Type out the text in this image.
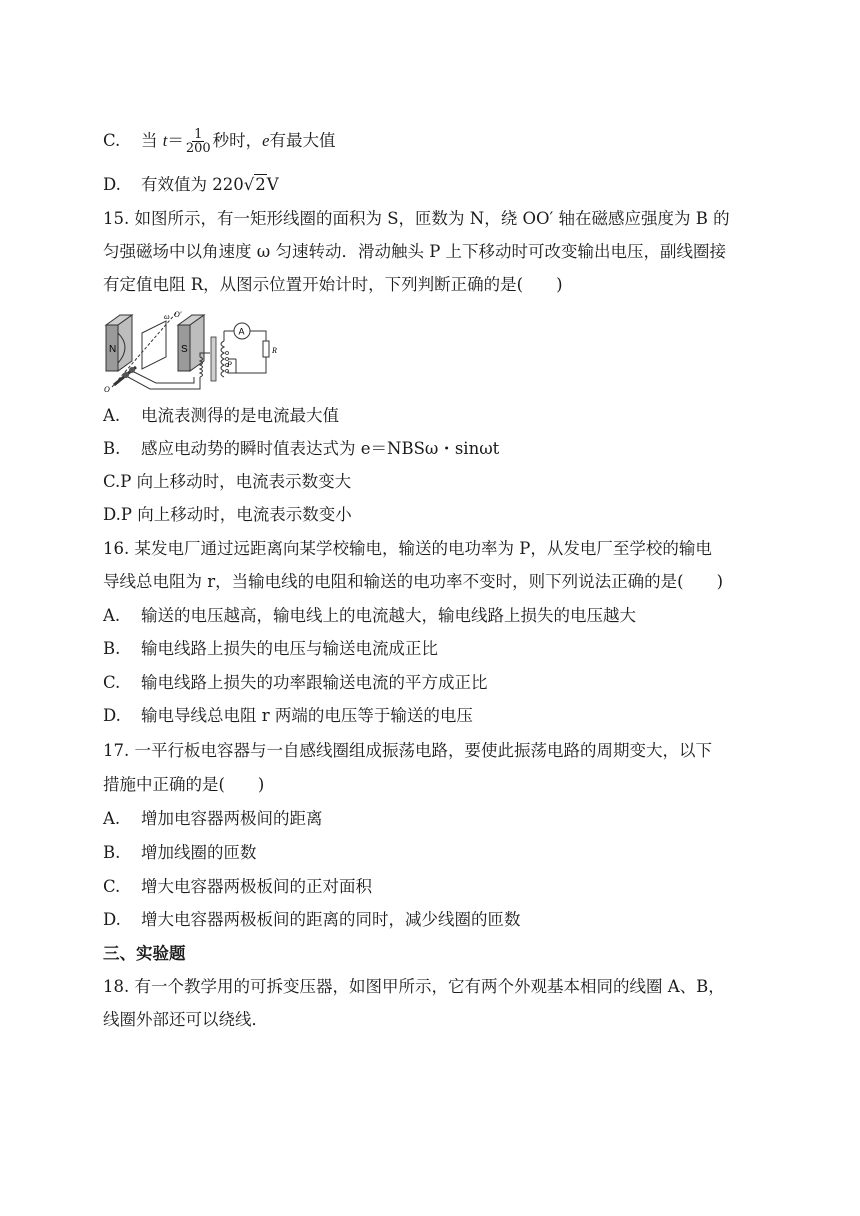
C. 当 $t= \frac{1}{200}$ 秒时，e有最大值
D. 有效值为 220√2V
15. 如图所示，有一矩形线圈的面积为 S，匝数为 N，绕 OO′ 轴在磁感应强度为 B 的
匀强磁场中以角速度 ω 匀速转动．滑动触头 P 上下移动时可改变输出电压，副线圈接
有定值电阻 R，从图示位置开始计时，下列判断正确的是(　　)
N	S
O′
ω
O
P
A
R
A. 电流表测得的是电流最大值
B. 感应电动势的瞬时值表达式为 e＝NBSω・sinωt
C.P 向上移动时，电流表示数变大
D.P 向上移动时，电流表示数变小
16. 某发电厂通过远距离向某学校输电，输送的电功率为 P，从发电厂至学校的输电
导线总电阻为 r，当输电线的电阻和输送的电功率不变时，则下列说法正确的是(　　)
A. 输送的电压越高，输电线上的电流越大，输电线路上损失的电压越大
B. 输电线路上损失的电压与输送电流成正比
C. 输电线路上损失的功率跟输送电流的平方成正比
D. 输电导线总电阻 r 两端的电压等于输送的电压
17. 一平行板电容器与一自感线圈组成振荡电路，要使此振荡电路的周期变大，以下
措施中正确的是(　　)
A. 增加电容器两极间的距离
B. 增加线圈的匝数
C. 增大电容器两极板间的正对面积
D. 增大电容器两极板间的距离的同时，减少线圈的匝数
三、实验题
18. 有一个教学用的可拆变压器，如图甲所示，它有两个外观基本相同的线圈 A、B，
线圈外部还可以绕线．
